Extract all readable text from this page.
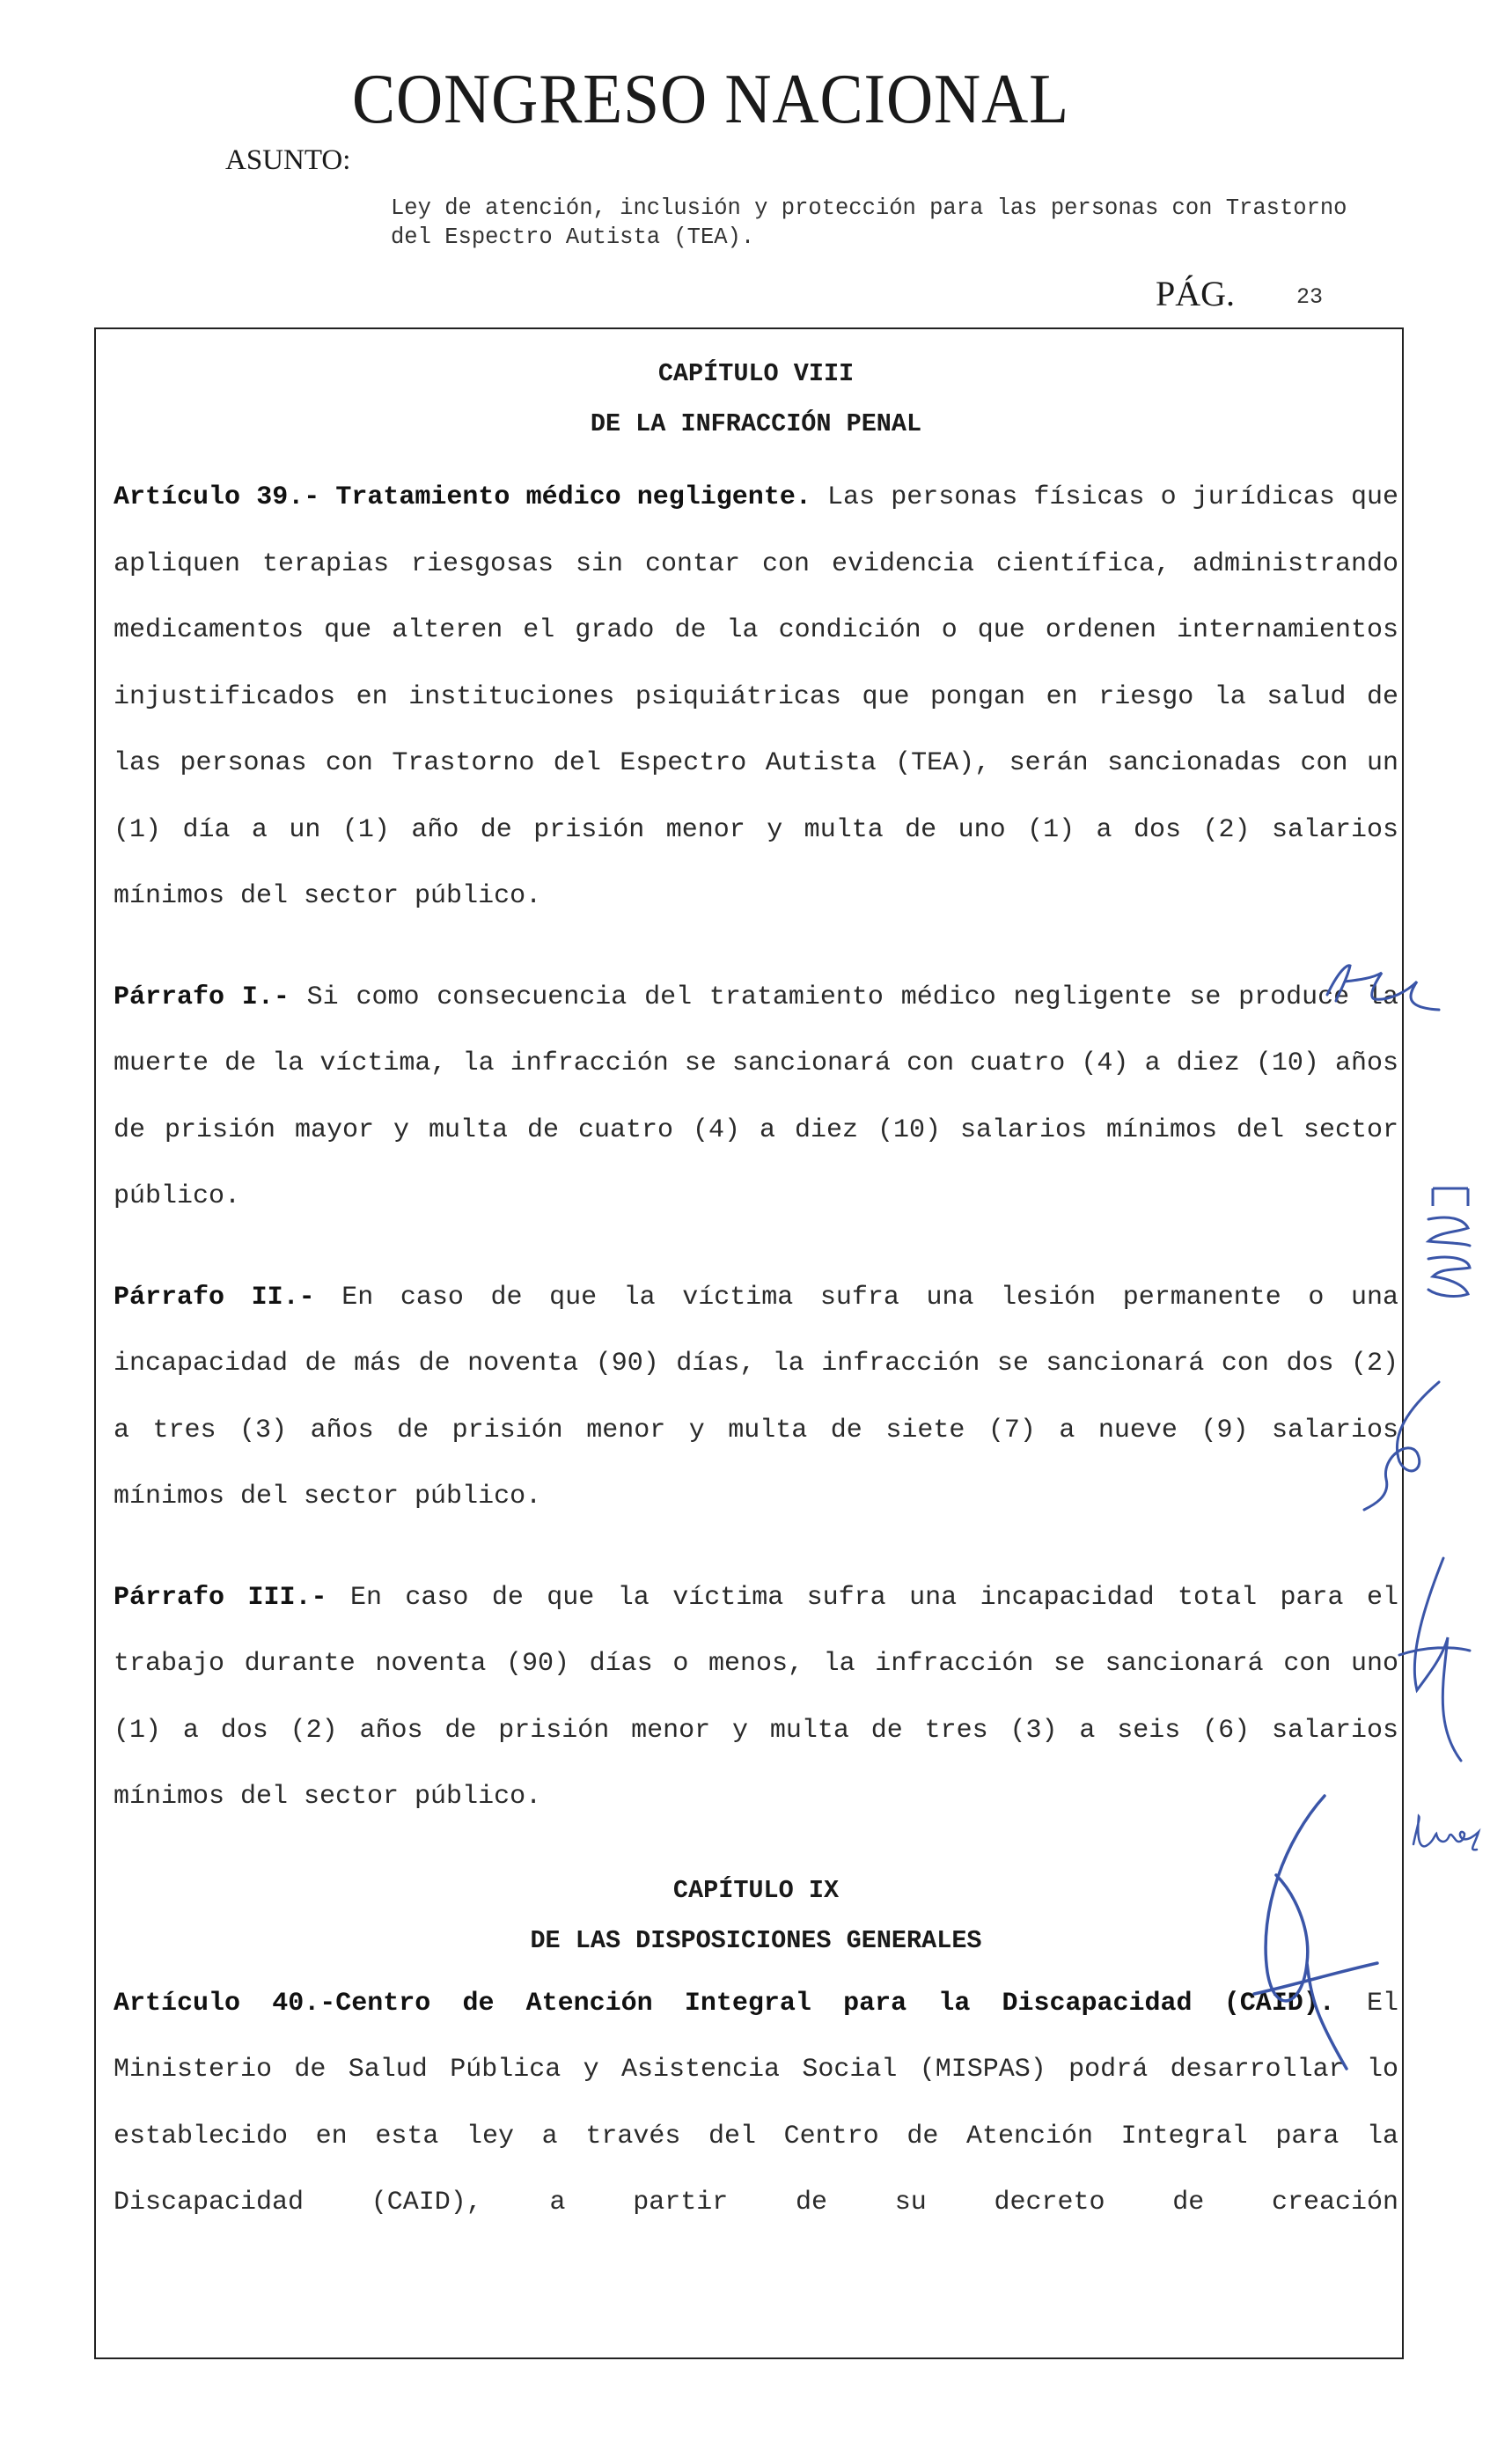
CONGRESO NACIONAL
ASUNTO:
Ley de atención, inclusión y protección para las personas con Trastorno del Espectro Autista (TEA).
PÁG.	23
CAPÍTULO VIII
DE LA INFRACCIÓN PENAL

Artículo 39.- Tratamiento médico negligente. Las personas físicas o jurídicas que apliquen terapias riesgosas sin contar con evidencia científica, administrando medicamentos que alteren el grado de la condición o que ordenen internamientos injustificados en instituciones psiquiátricas que pongan en riesgo la salud de las personas con Trastorno del Espectro Autista (TEA), serán sancionadas con un (1) día a un (1) año de prisión menor y multa de uno (1) a dos (2) salarios mínimos del sector público.

Párrafo I.- Si como consecuencia del tratamiento médico negligente se produce la muerte de la víctima, la infracción se sancionará con cuatro (4) a diez (10) años de prisión mayor y multa de cuatro (4) a diez (10) salarios mínimos del sector público.

Párrafo II.- En caso de que la víctima sufra una lesión permanente o una incapacidad de más de noventa (90) días, la infracción se sancionará con dos (2) a tres (3) años de prisión menor y multa de siete (7) a nueve (9) salarios mínimos del sector público.

Párrafo III.- En caso de que la víctima sufra una incapacidad total para el trabajo durante noventa (90) días o menos, la infracción se sancionará con uno (1) a dos (2) años de prisión menor y multa de tres (3) a seis (6) salarios mínimos del sector público.

CAPÍTULO IX
DE LAS DISPOSICIONES GENERALES

Artículo 40.-Centro de Atención Integral para la Discapacidad (CAID). El Ministerio de Salud Pública y Asistencia Social (MISPAS) podrá desarrollar lo establecido en esta ley a través del Centro de Atención Integral para la Discapacidad (CAID), a partir de su decreto de creación
